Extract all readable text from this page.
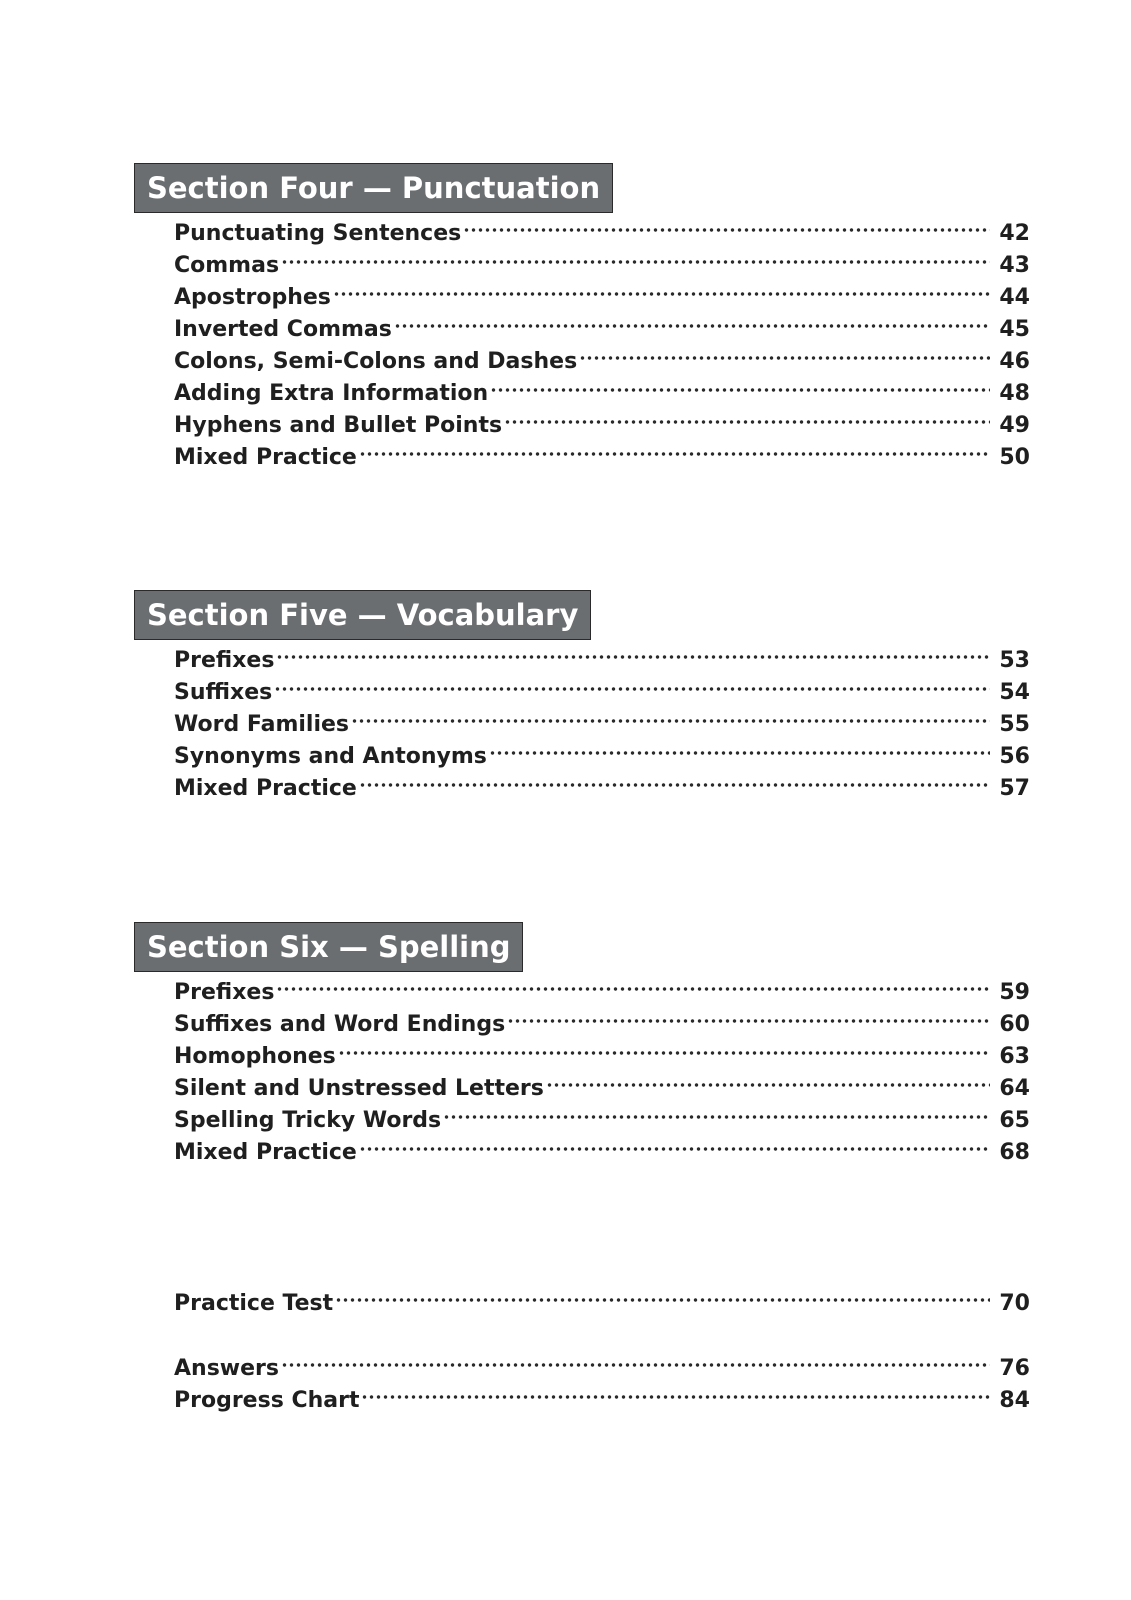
Section Four — Punctuation
Punctuating Sentences	42
Commas	43
Apostrophes	44
Inverted Commas	45
Colons, Semi-Colons and Dashes	46
Adding Extra Information	48
Hyphens and Bullet Points	49
Mixed Practice	50
Section Five — Vocabulary
Prefixes	53
Suffixes	54
Word Families	55
Synonyms and Antonyms	56
Mixed Practice	57
Section Six — Spelling
Prefixes	59
Suffixes and Word Endings	60
Homophones	63
Silent and Unstressed Letters	64
Spelling Tricky Words	65
Mixed Practice	68
Practice Test	70
Answers	76
Progress Chart	84
